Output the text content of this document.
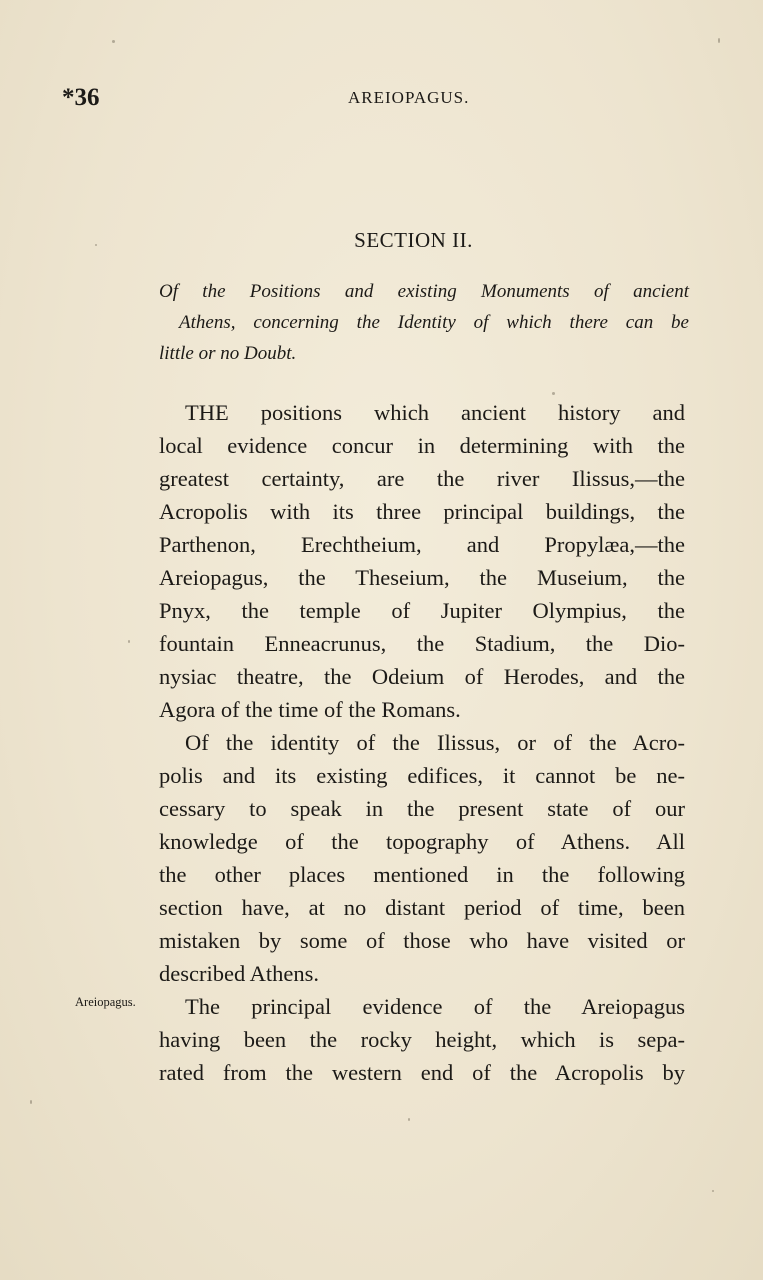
*36	AREIOPAGUS.
SECTION II.
Of the Positions and existing Monuments of ancient
Athens, concerning the Identity of which there can be
little or no Doubt.
THE positions which ancient history and
local evidence concur in determining with the
greatest certainty, are the river Ilissus,—the
Acropolis with its three principal buildings, the
Parthenon, Erechtheium, and Propylæa,—the
Areiopagus, the Theseium, the Museium, the
Pnyx, the temple of Jupiter Olympius, the
fountain Enneacrunus, the Stadium, the Dio-
nysiac theatre, the Odeium of Herodes, and the
Agora of the time of the Romans.
Of the identity of the Ilissus, or of the Acro-
polis and its existing edifices, it cannot be ne-
cessary to speak in the present state of our
knowledge of the topography of Athens. All
the other places mentioned in the following
section have, at no distant period of time, been
mistaken by some of those who have visited or
described Athens.
The principal evidence of the Areiopagus
having been the rocky height, which is sepa-
rated from the western end of the Acropolis by
Areiopagus.
